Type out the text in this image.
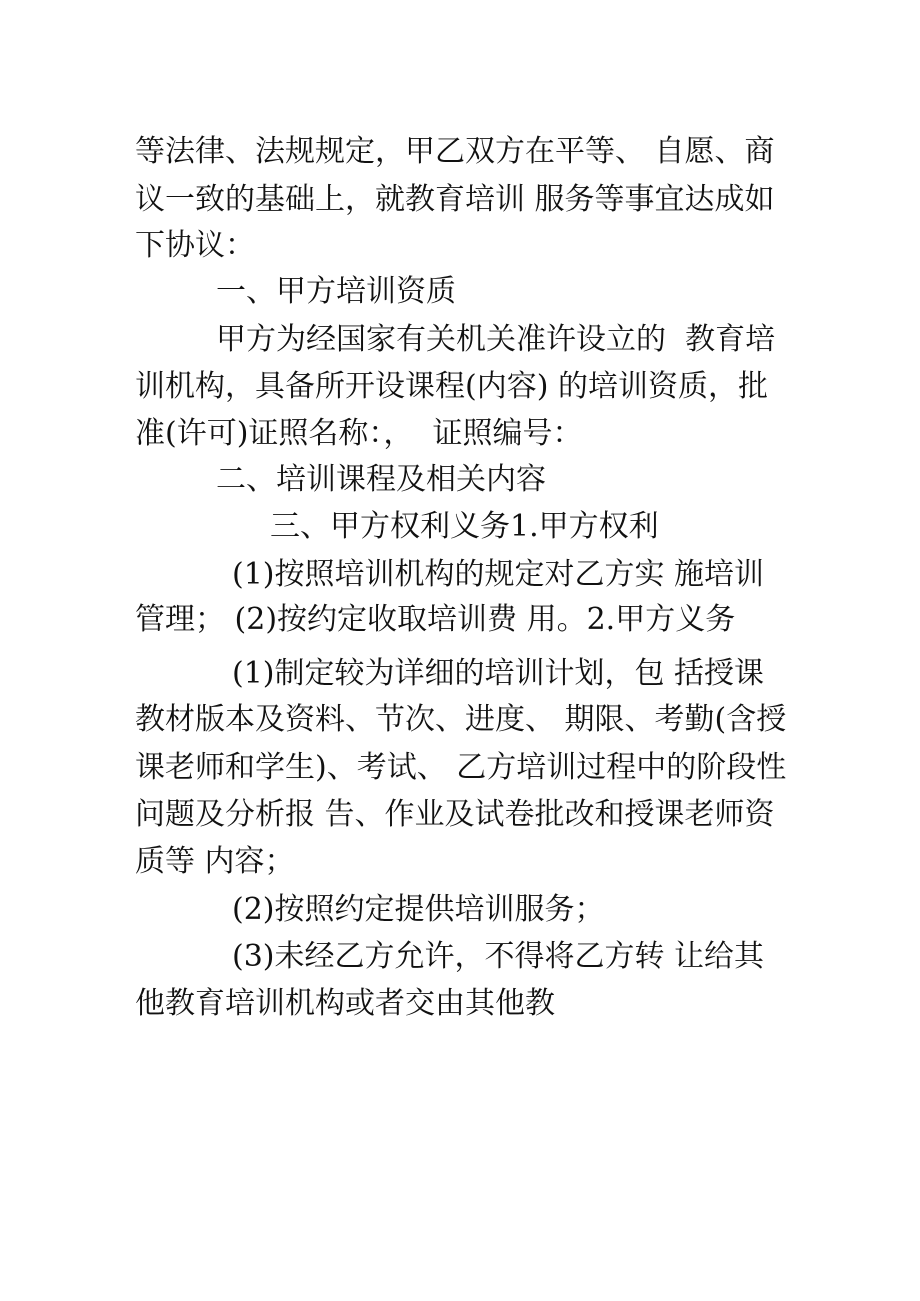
等法律、法规规定，甲乙双方在平等、 自愿、商
议一致的基础上，就教育培训 服务等事宜达成如
下协议：
一、甲方培训资质
甲方为经国家有关机关准许设立的  教育培
训机构，具备所开设课程(内容) 的培训资质，批
准(许可)证照名称：，  证照编号：
二、培训课程及相关内容
三、甲方权利义务1.甲方权利
(1)按照培训机构的规定对乙方实 施培训
管理； (2)按约定收取培训费 用。2.甲方义务
(1)制定较为详细的培训计划，包 括授课
教材版本及资料、节次、进度、 期限、考勤(含授
课老师和学生)、考试、 乙方培训过程中的阶段性
问题及分析报 告、作业及试卷批改和授课老师资
质等 内容；
(2)按照约定提供培训服务；
(3)未经乙方允许，不得将乙方转 让给其
他教育培训机构或者交由其他教
